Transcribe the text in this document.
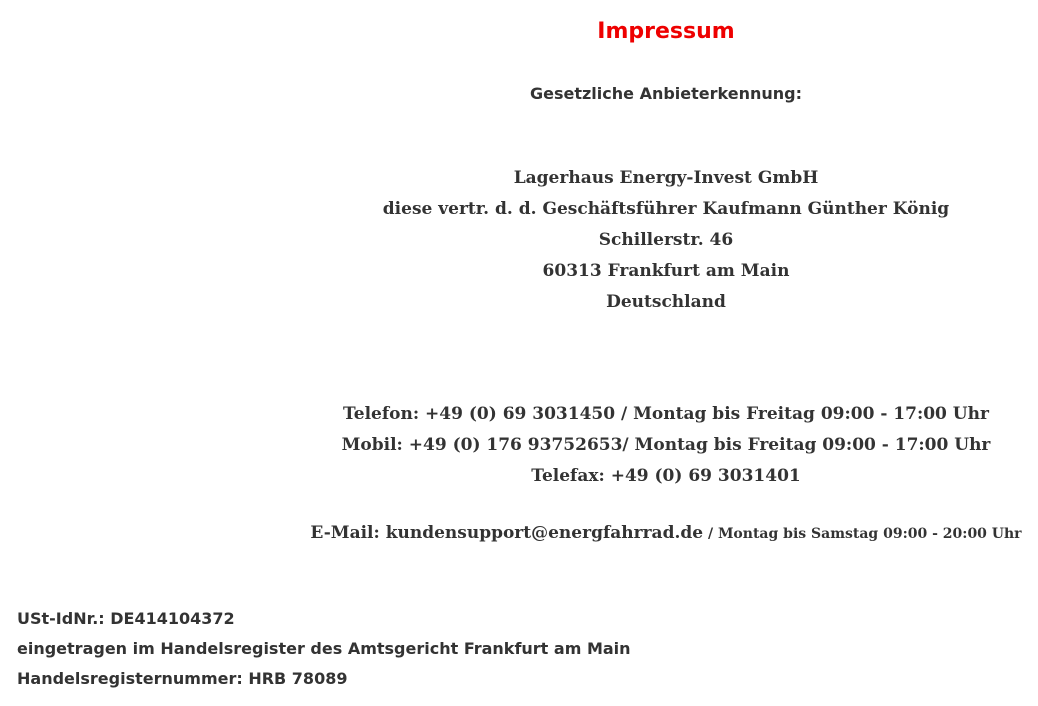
Impressum
Gesetzliche Anbieterkennung:
Lagerhaus Energy-Invest GmbH
diese vertr. d. d. Geschäftsführer Kaufmann Günther König
Schillerstr. 46
60313 Frankfurt am Main
Deutschland
Telefon: +49 (0) 69 3031450 / Montag bis Freitag 09:00 - 17:00 Uhr
Mobil: +49 (0) 176 93752653/ Montag bis Freitag 09:00 - 17:00 Uhr
Telefax: +49 (0) 69 3031401
E-Mail: kundensupport@energfahrrad.de / Montag bis Samstag 09:00 - 20:00 Uhr
USt-IdNr.: DE414104372
eingetragen im Handelsregister des Amtsgericht Frankfurt am Main
Handelsregisternummer: HRB 78089
